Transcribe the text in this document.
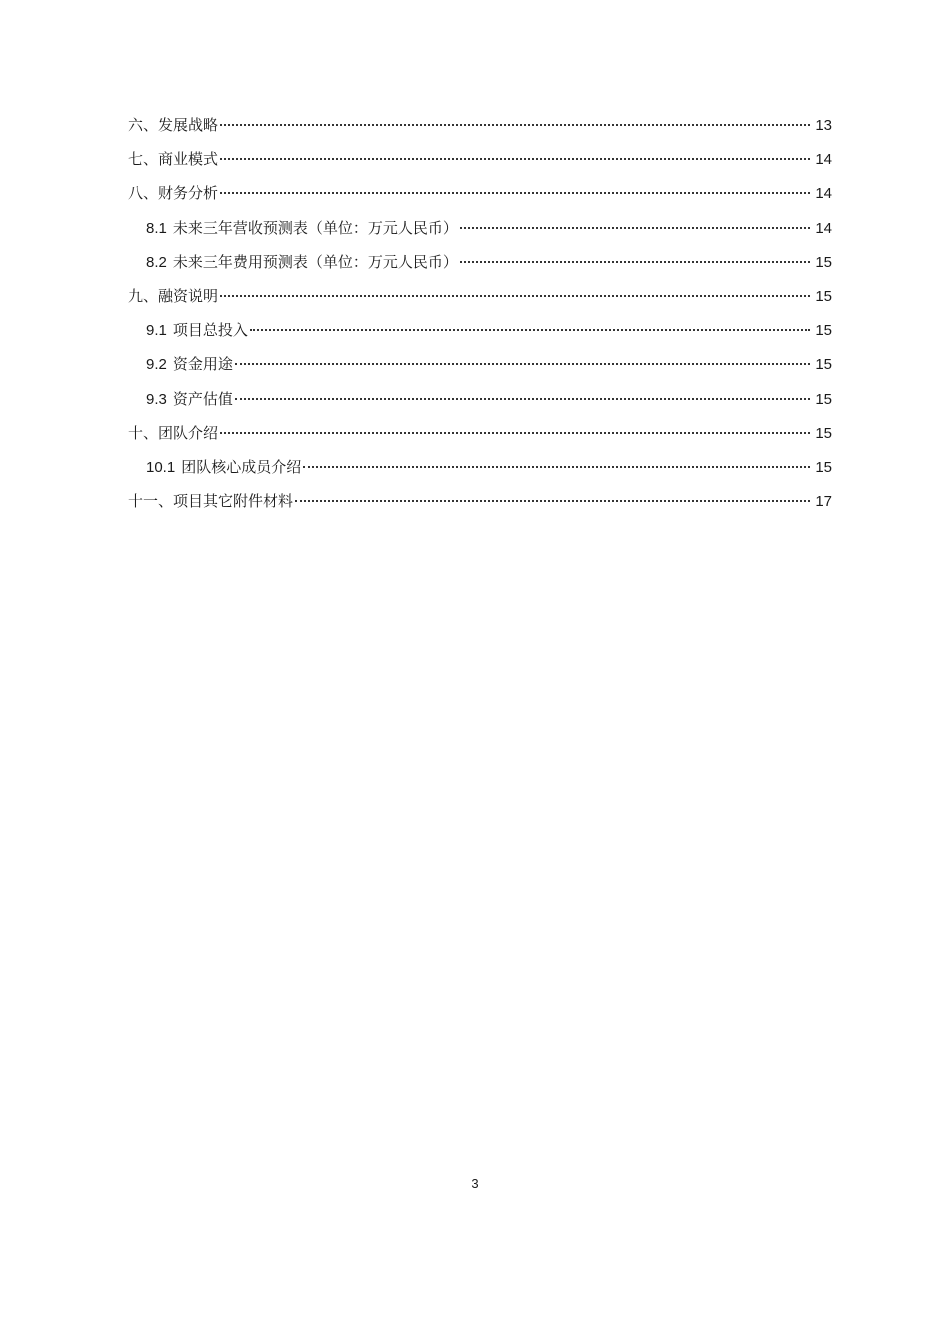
六、发展战略	13
七、商业模式	14
八、财务分析	14
8.1 未来三年营收预测表（单位：万元人民币）	14
8.2 未来三年费用预测表（单位：万元人民币）	15
九、融资说明	15
9.1 项目总投入	15
9.2 资金用途	15
9.3 资产估值	15
十、团队介绍	15
10.1 团队核心成员介绍	15
十一、项目其它附件材料	17
3
